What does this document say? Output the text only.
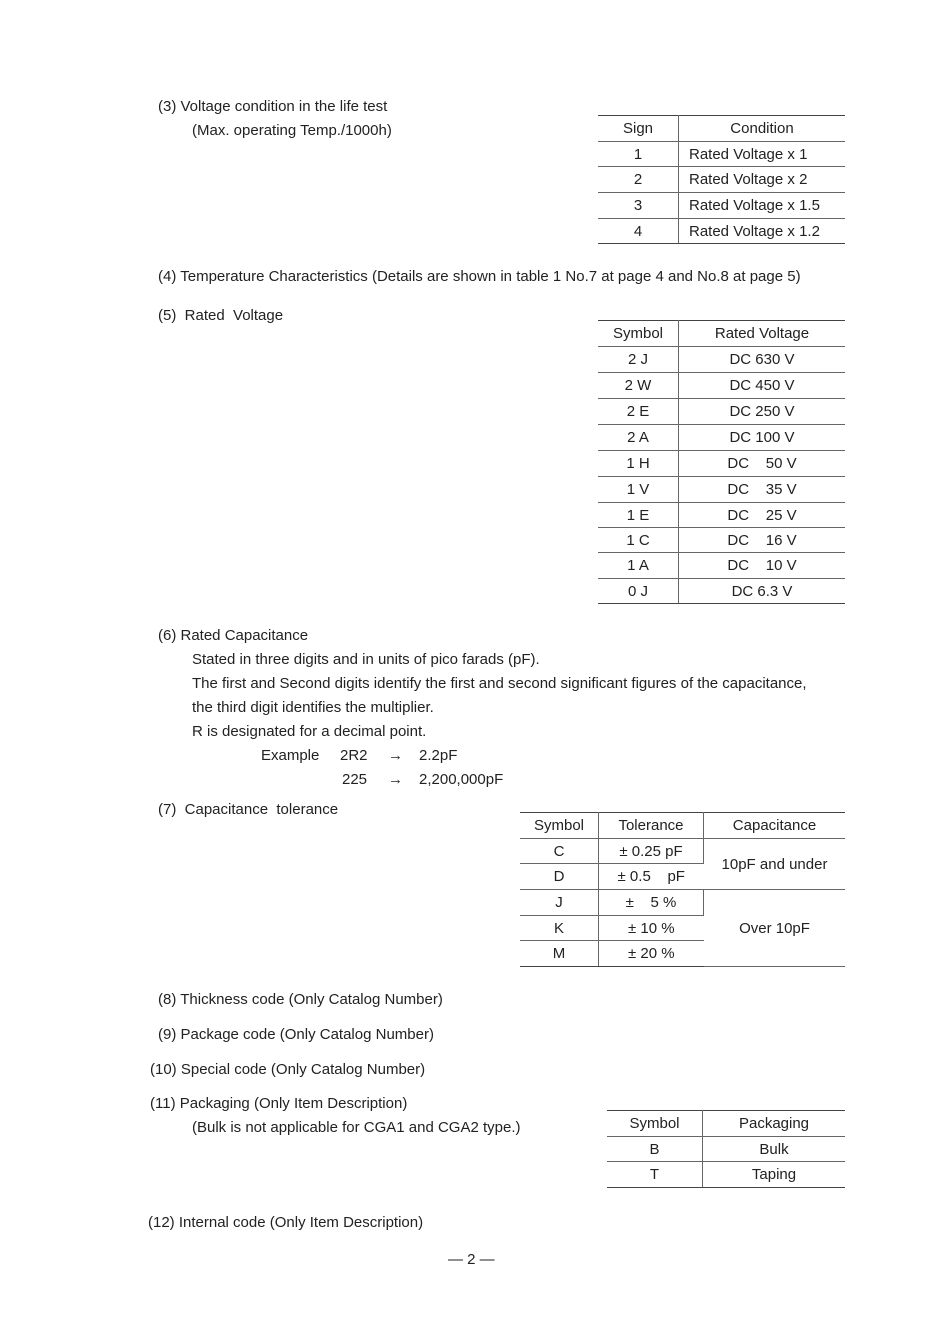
(3) Voltage condition in the life test
(Max. operating Temp./1000h)	Sign	Condition
1	Rated Voltage x 1
2	Rated Voltage x 2
3	Rated Voltage x 1.5
4	Rated Voltage x 1.2
(4) Temperature Characteristics (Details are shown in table 1 No.7 at page 4 and No.8 at page 5)
(5)  Rated  Voltage
Symbol	Rated Voltage
2 J	DC 630 V
2 W	DC 450 V
2 E	DC 250 V
2 A	DC 100 V
1 H	DC    50 V
1 V	DC    35 V
1 E	DC    25 V
1 C	DC    16 V
1 A	DC    10 V
0 J	DC 6.3 V
(6) Rated Capacitance
Stated in three digits and in units of pico farads (pF).
The first and Second digits identify the first and second significant figures of the capacitance,
the third digit identifies the multiplier.
R is designated for a decimal point.
Example 2R2 → 2.2pF
225 → 2,200,000pF
(7)  Capacitance  tolerance
Symbol	Tolerance	Capacitance
C	± 0.25 pF	10pF and under
D	± 0.5    pF	
J	±    5 %	Over 10pF
K	± 10 %	
M	± 20 %	
(8) Thickness code (Only Catalog Number)
(9) Package code (Only Catalog Number)
(10) Special code (Only Catalog Number)
(11) Packaging (Only Item Description)
(Bulk is not applicable for CGA1 and CGA2 type.)	Symbol	Packaging
B	Bulk
T	Taping
(12) Internal code (Only Item Description)
— 2 —
